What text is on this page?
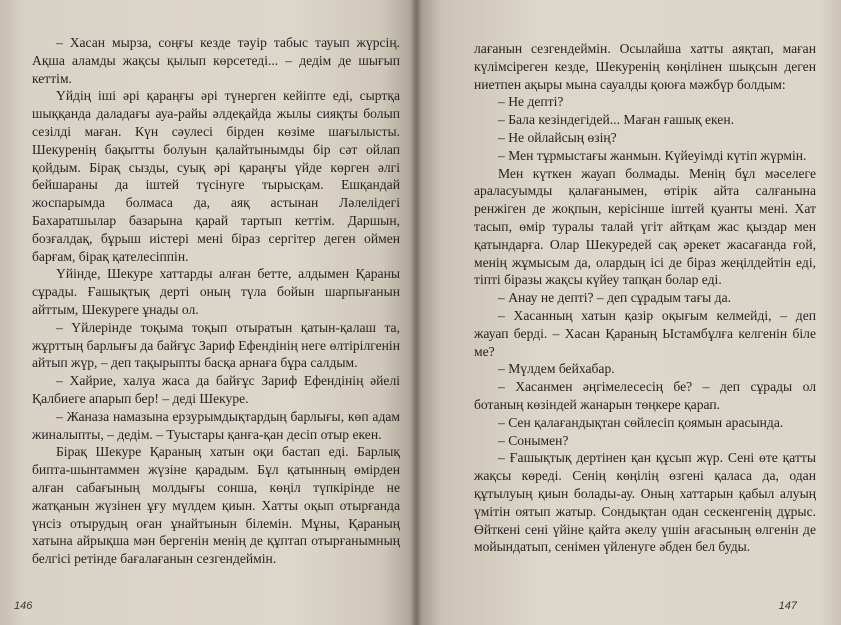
– Хасан мырза, соңғы кезде тәуір табыс тауып жүрсің. Ақша аламды жақсы қылып көрсетеді... – дедім де шығып кеттім.

Үйдің іші әрі қараңғы әрі түнерген кейіпте еді, сыртқа шыққанда даладағы ауа-райы әлдеқайда жылы сияқты болып сезілді маған. Күн сәулесі бірден көзіме шағылысты. Шекуренің бақытты болуын қалайтынымды бір сәт ойлап қойдым. Бірақ сызды, суық әрі қараңғы үйде көрген әлгі бейшараны да іштей түсінуге тырысқам. Ешқандай жоспарымда болмаса да, аяқ астынан Ләлелідегі Бахаратшылар базарына қарай тартып кеттім. Даршын, бозғалдақ, бұрыш иістері мені біраз сергітер деген оймен барғам, бірақ қателесіппін.

Үйінде, Шекуре хаттарды алған бетте, алдымен Қараны сұрады. Ғашықтық дерті оның түла бойын шарпығанын айттым, Шекуреге ұнады ол.

– Үйлерінде тоқыма тоқып отыратын қатын-қалаш та, жұрттың барлығы да байғұс Зариф Ефендінің неге өлтірілгенін айтып жүр, – деп тақырыпты басқа арнаға бұра салдым.

– Хайрие, халуа жаса да байғұс Зариф Ефендінің әйелі Қалбиеге апарып бер! – деді Шекуре.

– Жаназа намазына ерзурымдықтардың барлығы, көп адам жиналыпты, – дедім. – Туыстары қанға-қан десіп отыр екен.

Бірақ Шекуре Қараның хатын оқи бастап еді. Барлық бипта-шынтаммен жүзіне қарадым. Бұл қатынның өмірден алған сабағының молдығы соншa, көңіл түпкірінде не жатқанын жүзінен ұғу мүлдем қиын. Хатты оқып отырғанда үнсіз отырудың оған ұнайтынын білемін. Мұны, Қараның хатына айрықша мән бергенін менің де құптап отырғанымның белгісі ретінде бағалағанын сезгендеймін.

146

лағанын сезгендеймін. Осылайша хатты аяқтап, маған күлімсіреген кезде, Шекуренің көңілінен шықсын деген ниетпен ақыры мына сауалды қоюға мәжбүр болдым:

– Не депті?

– Бала кезіндегідей... Маған ғашық екен.

– Не ойлайсың өзің?

– Мен тұрмыстағы жанмын. Күйеуімді күтіп жүрмін.

Мен күткен жауап болмады. Менің бұл мәселеге араласуымды қалағанымен, өтірік айта салғанына ренжіген де жоқпын, керісінше іштей қуанты мені. Хат тасып, өмір туралы талай үгіт айтқам жас қыздар мен қатындарға. Олар Шекуредей сақ әрекет жасағанда ғой, менің жұмысым да, олардың ісі де біраз жеңілдейтін еді, тіпті біразы жақсы күйеу тапқан болар еді.

– Анау не депті? – деп сұрадым тағы да.

– Хасанның хатын қазір оқығым келмейді, – деп жауап берді. – Хасан Қараның Ыстамбұлға келгенін біле ме?

– Мүлдем бейхабар.

– Хасанмен әңгімелесесің бе? – деп сұрады ол ботаның көзіндей жанарын төңкере қарап.

– Сен қалағандықтан сөйлесіп қоямын арасында.

– Сонымен?

– Ғашықтық дертінен қан құсып жүр. Сені өте қатты жақсы көреді. Сенің көңілің өзгені қаласа да, одан құтылуың қиын болады-ау. Оның хаттарын қабыл алуың үмітін оятып жатыр. Сондықтан одан сескенгенің дұрыс. Өйткені сені үйіне қайта әкелу үшін ағасының өлгенін де мойындатып, сенімен үйленуге әбден бел буды.

147
